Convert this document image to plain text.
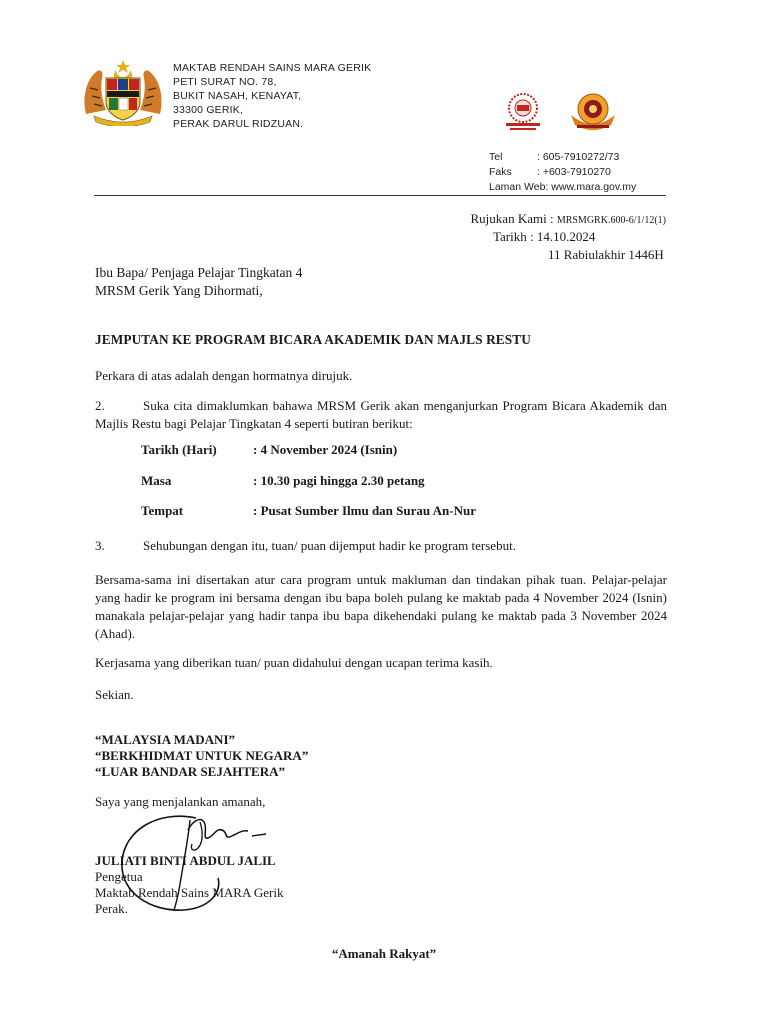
MAKTAB RENDAH SAINS MARA GERIK
PETI SURAT NO. 78,
BUKIT NASAH, KENAYAT,
33300 GERIK,
PERAK DARUL RIDZUAN.
Tel	: 605-7910272/73
Faks	: +603-7910270
Laman Web : www.mara.gov.my
Rujukan Kami : MRSMGRK.600-6/1/12(1)
Tarikh : 14.10.2024
11 Rabiulakhir 1446H
Ibu Bapa/ Penjaga Pelajar Tingkatan 4
MRSM Gerik Yang Dihormati,
JEMPUTAN KE PROGRAM BICARA AKADEMIK DAN MAJLS RESTU
Perkara di atas adalah dengan hormatnya dirujuk.
2.	Suka cita dimaklumkan bahawa MRSM Gerik akan menganjurkan Program Bicara Akademik dan Majlis Restu bagi Pelajar Tingkatan 4 seperti butiran berikut:
Tarikh (Hari)	: 4 November 2024 (Isnin)
Masa	: 10.30 pagi hingga 2.30 petang
Tempat	: Pusat Sumber Ilmu dan Surau An-Nur
3.	Sehubungan dengan itu, tuan/ puan dijemput hadir ke program tersebut.
Bersama-sama ini disertakan atur cara program untuk makluman dan tindakan pihak tuan. Pelajar-pelajar yang hadir ke program ini bersama dengan ibu bapa boleh pulang ke maktab pada 4 November 2024 (Isnin) manakala pelajar-pelajar yang hadir tanpa ibu bapa dikehendaki pulang ke maktab pada 3 November 2024 (Ahad).
Kerjasama yang diberikan tuan/ puan didahului dengan ucapan terima kasih.
Sekian.
“MALAYSIA MADANI”
“BERKHIDMAT UNTUK NEGARA”
“LUAR BANDAR SEJAHTERA”
Saya yang menjalankan amanah,
JULIATI BINTI ABDUL JALIL
Pengetua
Maktab Rendah Sains MARA Gerik
Perak.
“Amanah Rakyat”
